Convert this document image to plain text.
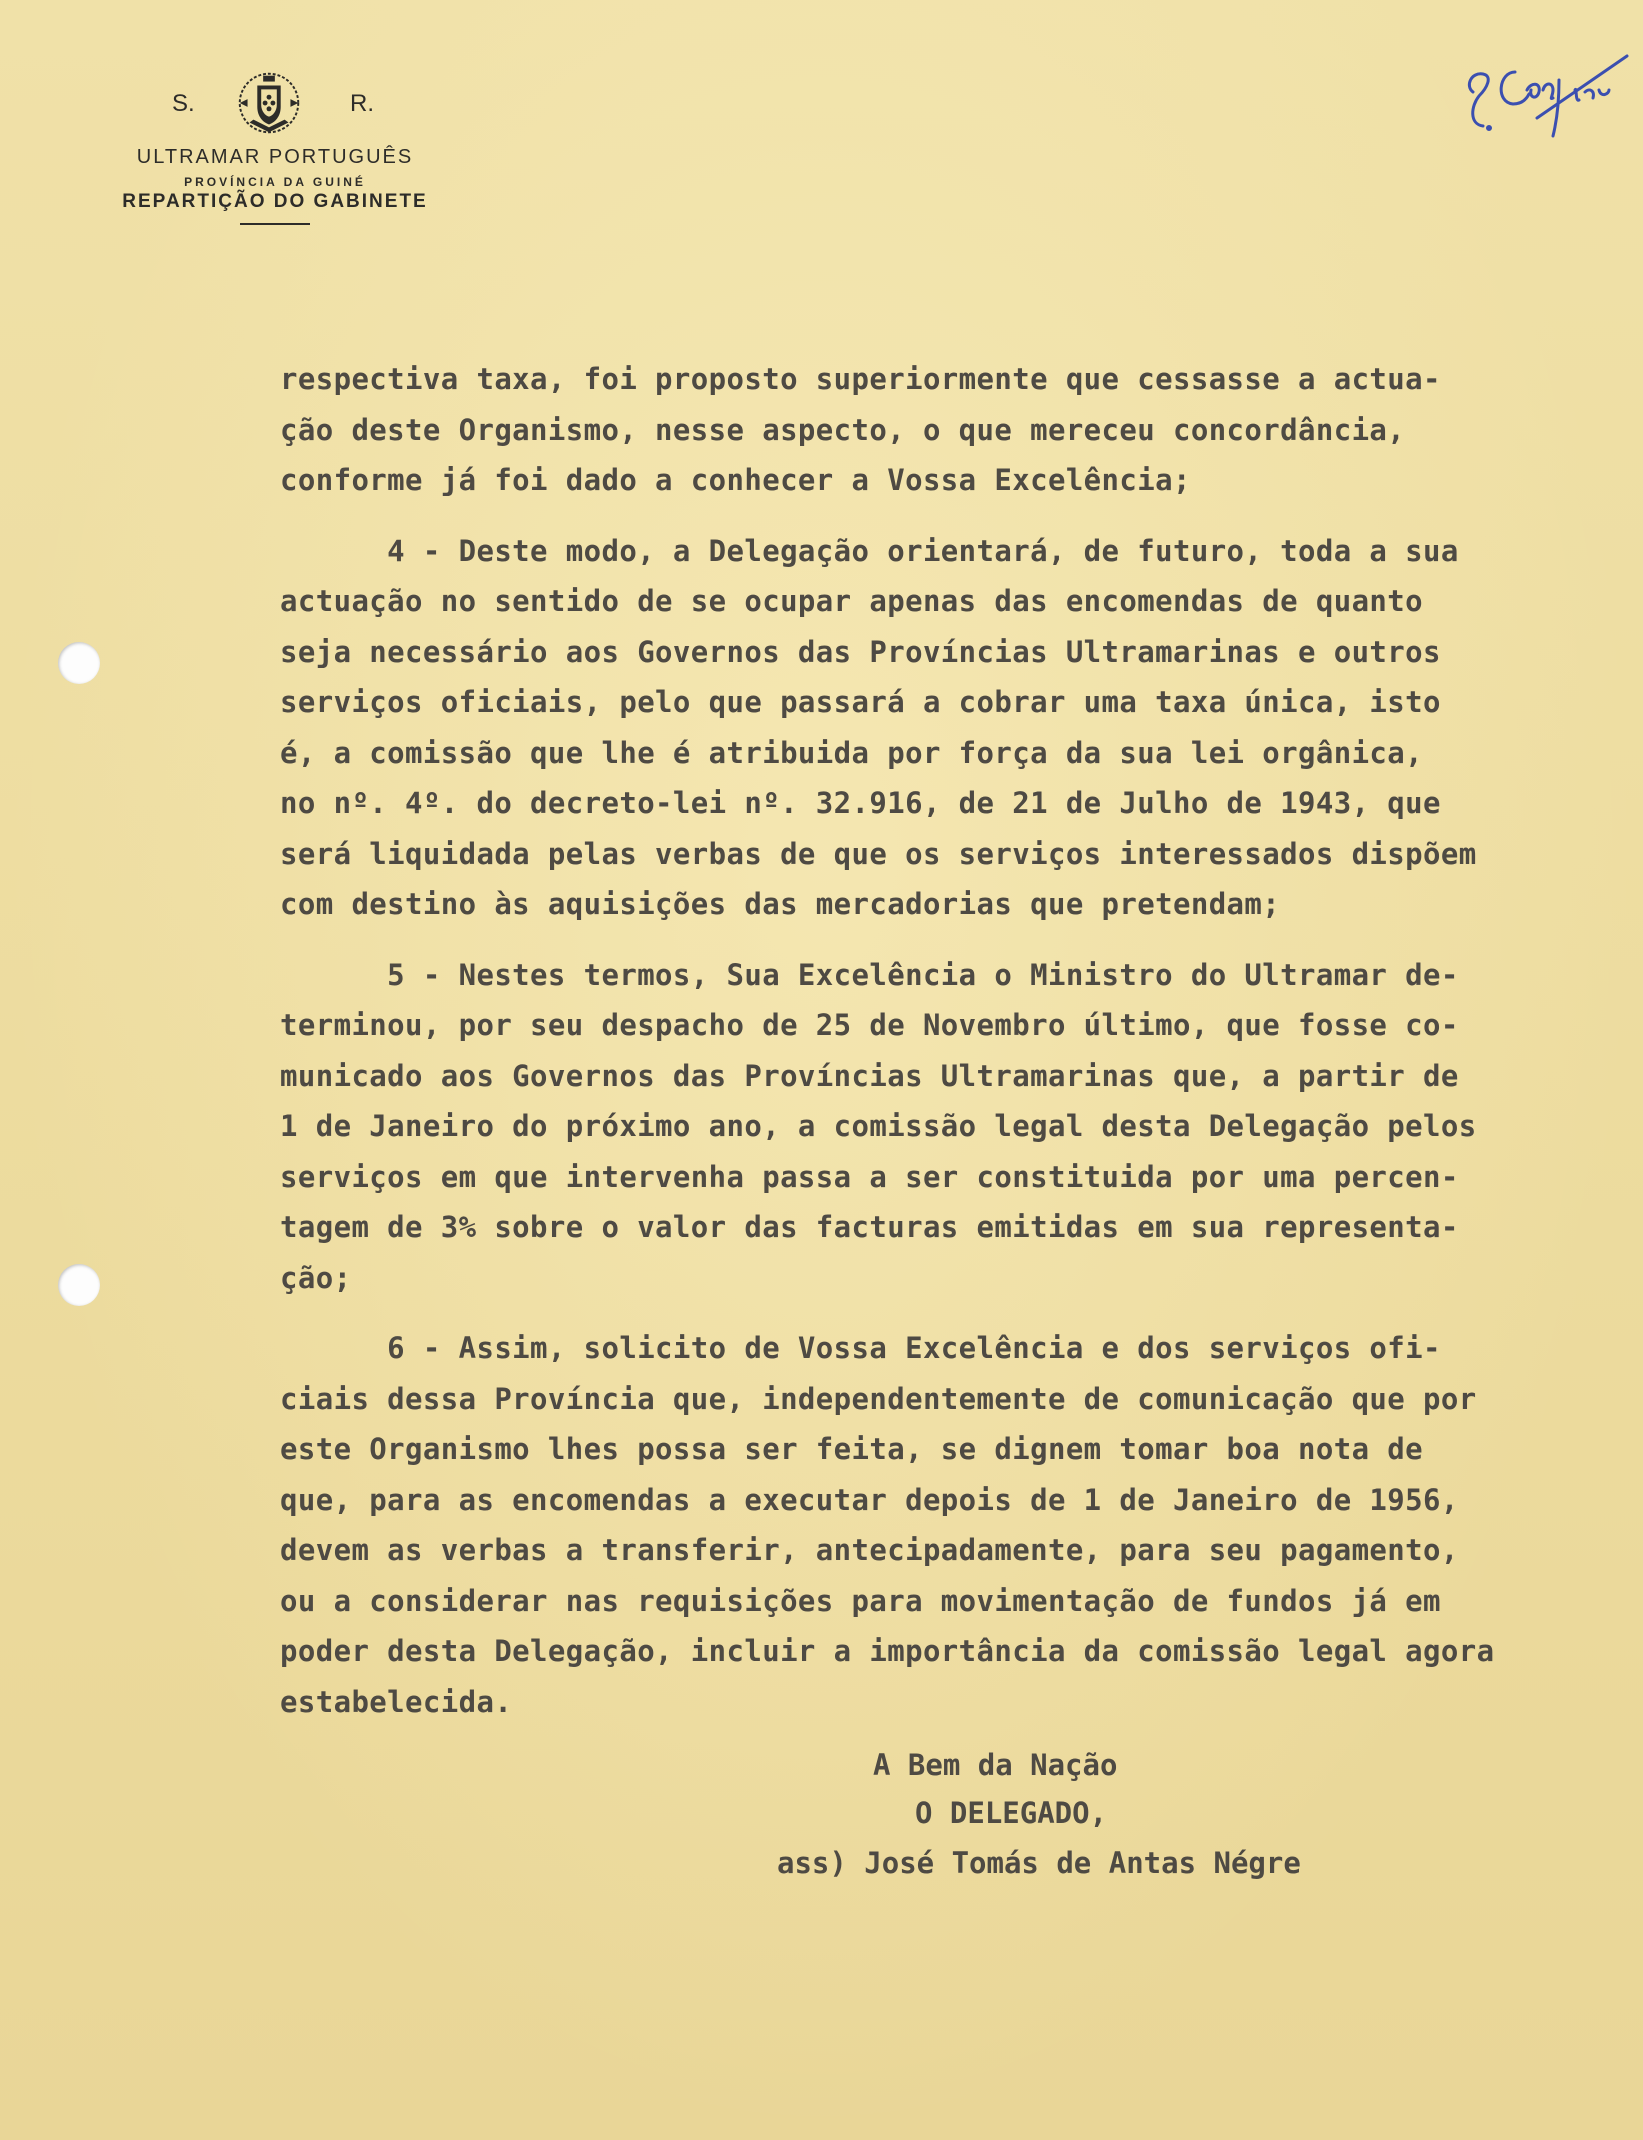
S.	R.
ULTRAMAR PORTUGUÊS
PROVÍNCIA DA GUINÉ
REPARTIÇÃO DO GABINETE
respectiva taxa, foi proposto superiormente que cessasse a actua-
ção deste Organismo, nesse aspecto, o que mereceu concordância,
conforme já foi dado a conhecer a Vossa Excelência;
4 - Deste modo, a Delegação orientará, de futuro, toda a sua
actuação no sentido de se ocupar apenas das encomendas de quanto
seja necessário aos Governos das Províncias Ultramarinas e outros
serviços oficiais, pelo que passará a cobrar uma taxa única, isto
é, a comissão que lhe é atribuida por força da sua lei orgânica,
no nº. 4º. do decreto-lei nº. 32.916, de 21 de Julho de 1943, que
será liquidada pelas verbas de que os serviços interessados dispõem
com destino às aquisições das mercadorias que pretendam;
5 - Nestes termos, Sua Excelência o Ministro do Ultramar de-
terminou, por seu despacho de 25 de Novembro último, que fosse co-
municado aos Governos das Províncias Ultramarinas que, a partir de
1 de Janeiro do próximo ano, a comissão legal desta Delegação pelos
serviços em que intervenha passa a ser constituida por uma percen-
tagem de 3% sobre o valor das facturas emitidas em sua representa-
ção;
6 - Assim, solicito de Vossa Excelência e dos serviços ofi-
ciais dessa Província que, independentemente de comunicação que por
este Organismo lhes possa ser feita, se dignem tomar boa nota de
que, para as encomendas a executar depois de 1 de Janeiro de 1956,
devem as verbas a transferir, antecipadamente, para seu pagamento,
ou a considerar nas requisições para movimentação de fundos já em
poder desta Delegação, incluir a importância da comissão legal agora
estabelecida.
A Bem da Nação
O DELEGADO,
ass) José Tomás de Antas Négre
